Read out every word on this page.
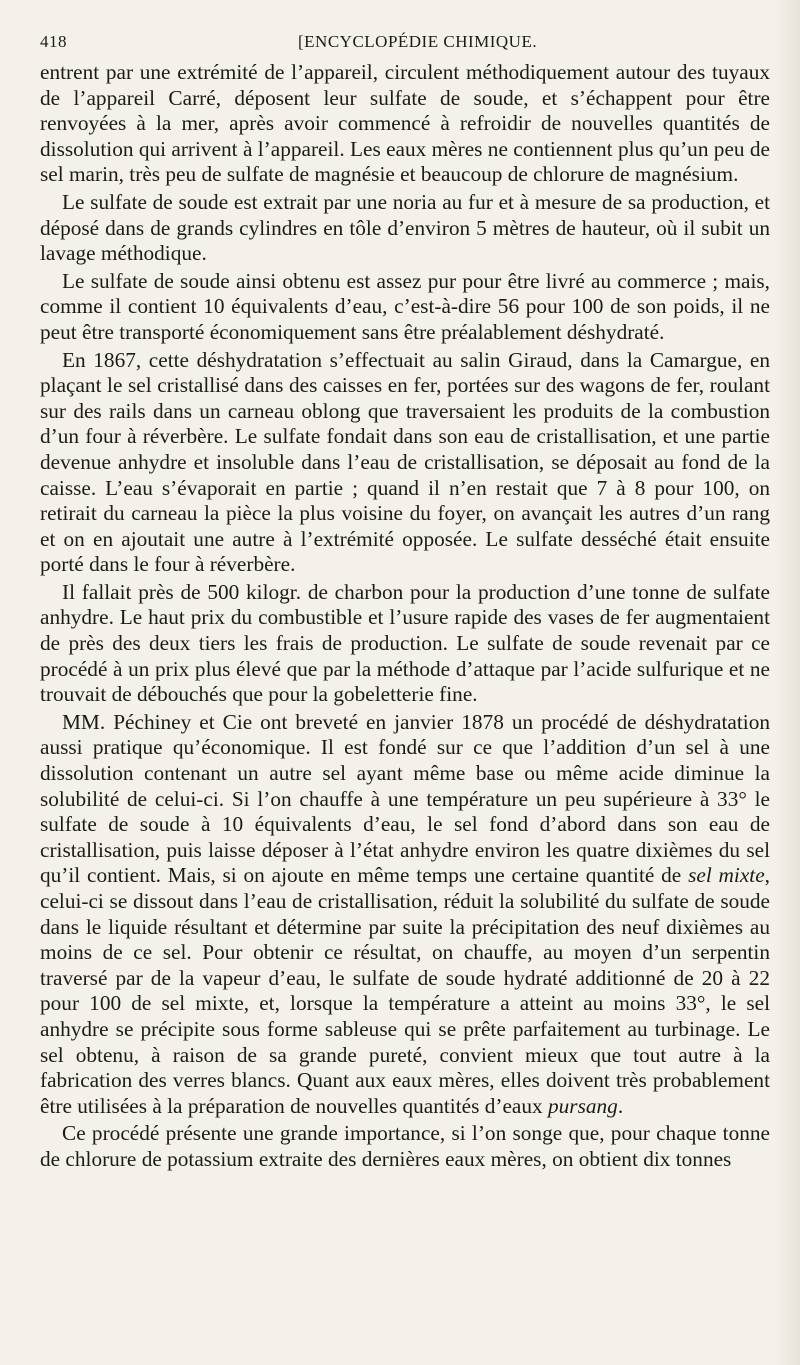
418	[ENCYCLOPÉDIE CHIMIQUE.

entrent par une extrémité de l’appareil, circulent méthodiquement autour des tuyaux de l’appareil Carré, déposent leur sulfate de soude, et s’échappent pour être renvoyées à la mer, après avoir commencé à refroidir de nouvelles quantités de dissolution qui arrivent à l’appareil. Les eaux mères ne contiennent plus qu’un peu de sel marin, très peu de sulfate de magnésie et beaucoup de chlorure de magnésium.

Le sulfate de soude est extrait par une noria au fur et à mesure de sa production, et déposé dans de grands cylindres en tôle d’environ 5 mètres de hauteur, où il subit un lavage méthodique.

Le sulfate de soude ainsi obtenu est assez pur pour être livré au commerce ; mais, comme il contient 10 équivalents d’eau, c’est-à-dire 56 pour 100 de son poids, il ne peut être transporté économiquement sans être préalablement déshydraté.

En 1867, cette déshydratation s’effectuait au salin Giraud, dans la Camargue, en plaçant le sel cristallisé dans des caisses en fer, portées sur des wagons de fer, roulant sur des rails dans un carneau oblong que traversaient les produits de la combustion d’un four à réverbère. Le sulfate fondait dans son eau de cristallisation, et une partie devenue anhydre et insoluble dans l’eau de cristallisation, se déposait au fond de la caisse. L’eau s’évaporait en partie ; quand il n’en restait que 7 à 8 pour 100, on retirait du carneau la pièce la plus voisine du foyer, on avançait les autres d’un rang et on en ajoutait une autre à l’extrémité opposée. Le sulfate desséché était ensuite porté dans le four à réverbère.

Il fallait près de 500 kilogr. de charbon pour la production d’une tonne de sulfate anhydre. Le haut prix du combustible et l’usure rapide des vases de fer augmentaient de près des deux tiers les frais de production. Le sulfate de soude revenait par ce procédé à un prix plus élevé que par la méthode d’attaque par l’acide sulfurique et ne trouvait de débouchés que pour la gobeletterie fine.

MM. Péchiney et Cie ont breveté en janvier 1878 un procédé de déshydratation aussi pratique qu’économique. Il est fondé sur ce que l’addition d’un sel à une dissolution contenant un autre sel ayant même base ou même acide diminue la solubilité de celui-ci. Si l’on chauffe à une température un peu supérieure à 33° le sulfate de soude à 10 équivalents d’eau, le sel fond d’abord dans son eau de cristallisation, puis laisse déposer à l’état anhydre environ les quatre dixièmes du sel qu’il contient. Mais, si on ajoute en même temps une certaine quantité de sel mixte, celui-ci se dissout dans l’eau de cristallisation, réduit la solubilité du sulfate de soude dans le liquide résultant et détermine par suite la précipitation des neuf dixièmes au moins de ce sel. Pour obtenir ce résultat, on chauffe, au moyen d’un serpentin traversé par de la vapeur d’eau, le sulfate de soude hydraté additionné de 20 à 22 pour 100 de sel mixte, et, lorsque la température a atteint au moins 33°, le sel anhydre se précipite sous forme sableuse qui se prête parfaitement au turbinage. Le sel obtenu, à raison de sa grande pureté, convient mieux que tout autre à la fabrication des verres blancs. Quant aux eaux mères, elles doivent très probablement être utilisées à la préparation de nouvelles quantités d’eaux pursang.

Ce procédé présente une grande importance, si l’on songe que, pour chaque tonne de chlorure de potassium extraite des dernières eaux mères, on obtient dix tonnes
